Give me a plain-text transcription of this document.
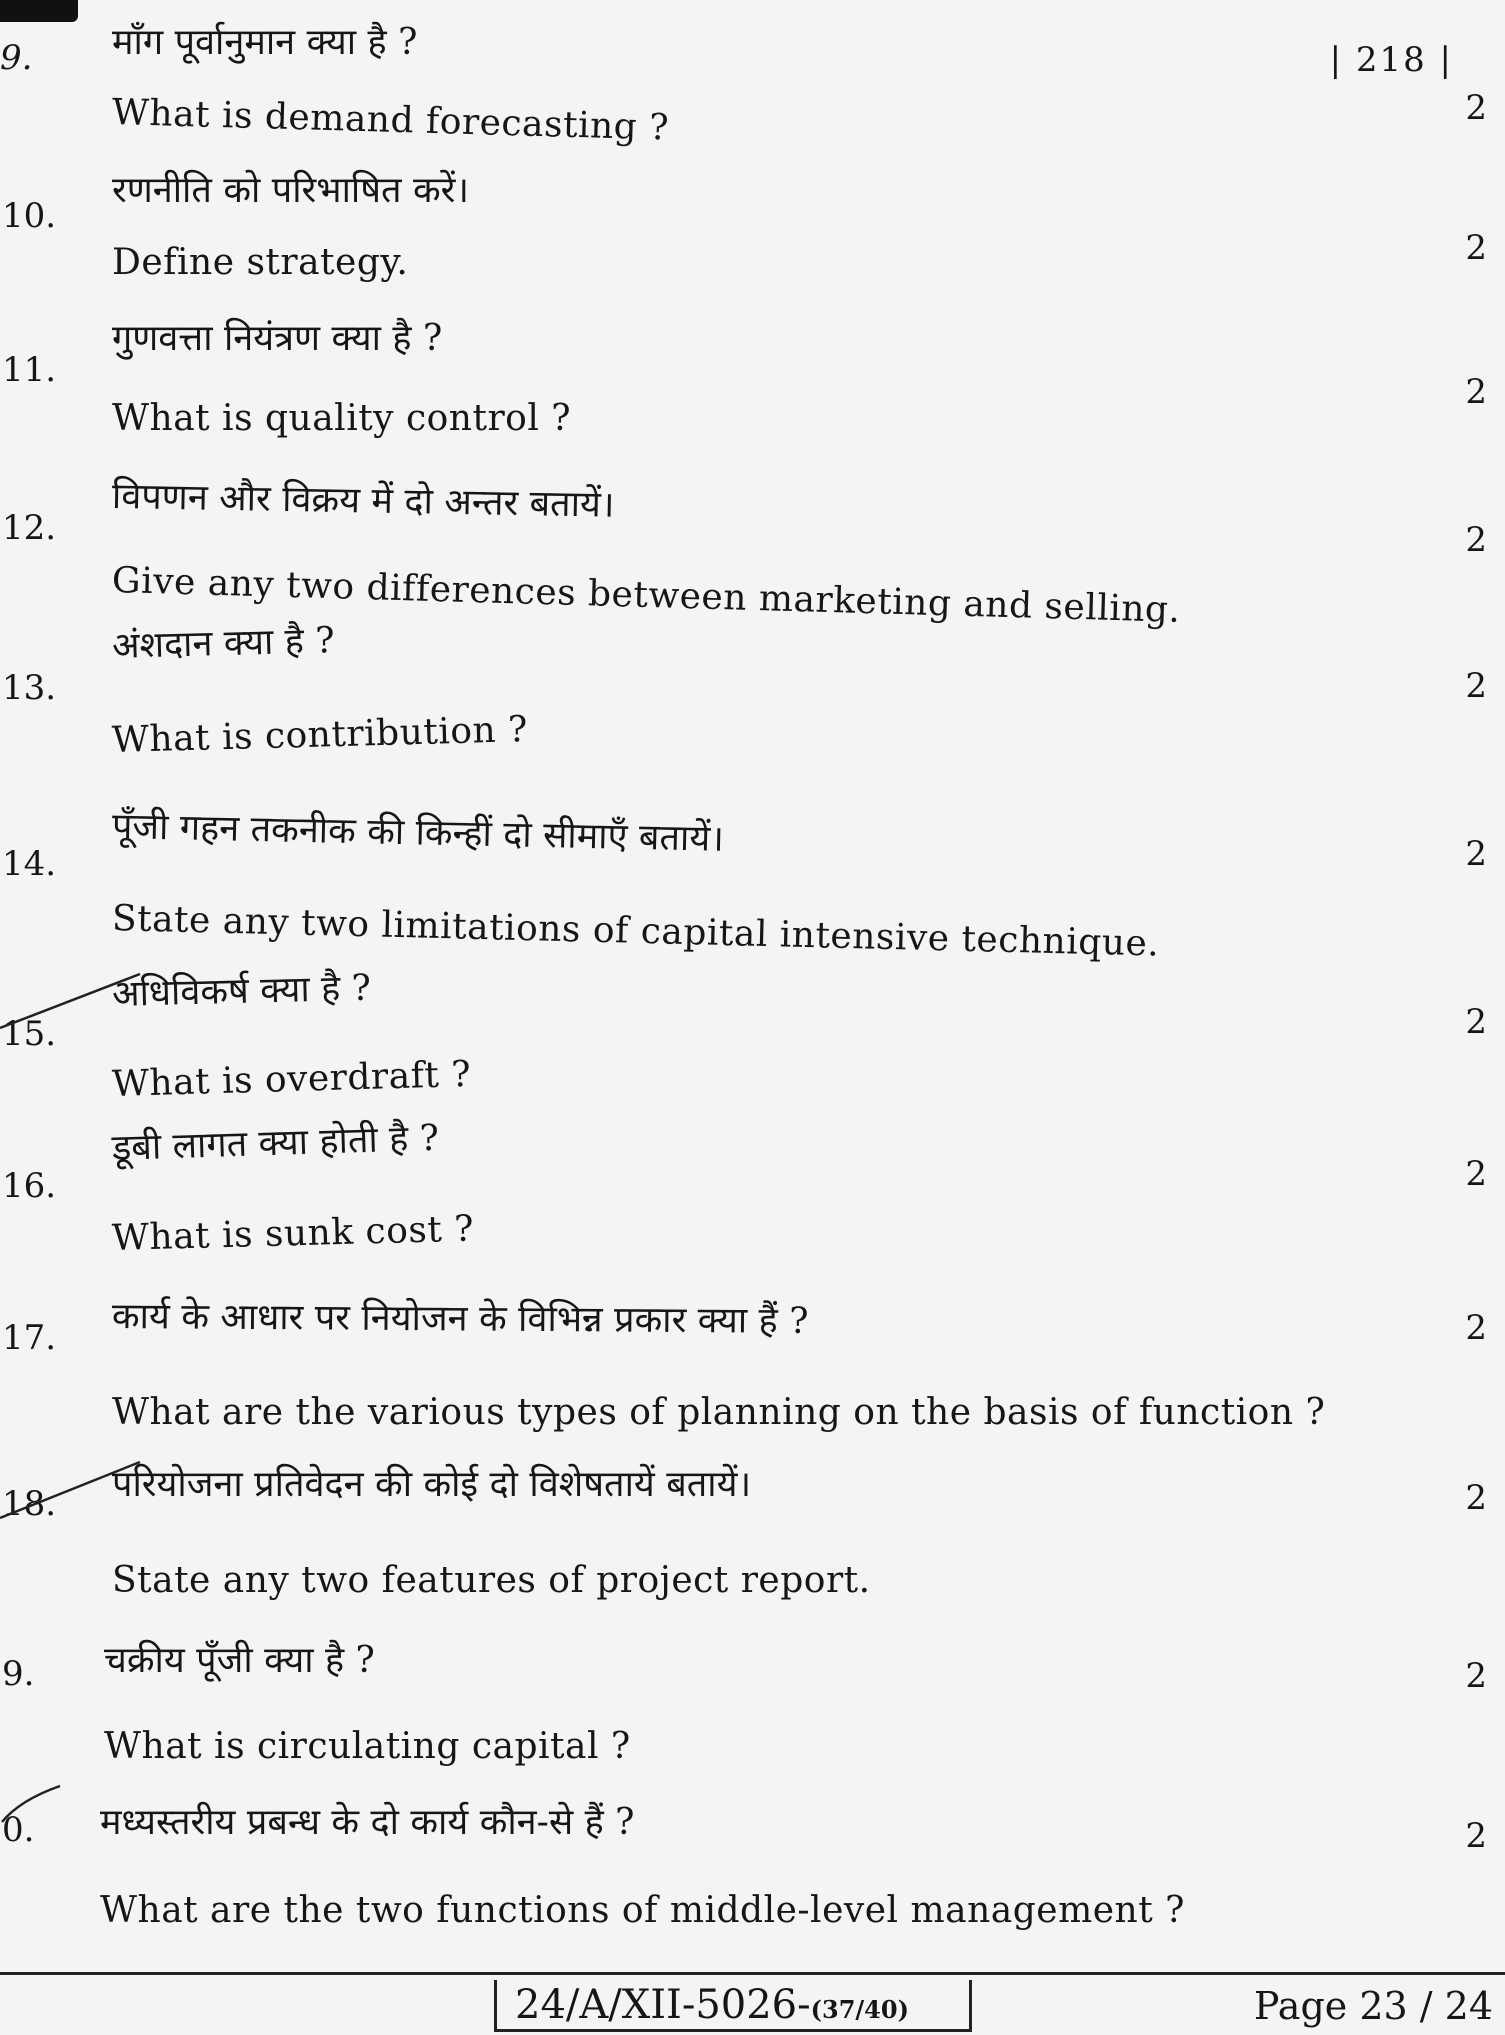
| 218 |
9. माँग पूर्वानुमान क्या है ?
What is demand forecasting ?	2
10.
रणनीति को परिभाषित करें।
Define strategy.	2
11.
गुणवत्ता नियंत्रण क्या है ?
What is quality control ?
2
12.
विपणन और विक्रय में दो अन्तर बतायें।
Give any two differences between marketing and selling.
2
13.
अंशदान क्या है ?
What is contribution ?
2
14.
पूँजी गहन तकनीक की किन्हीं दो सीमाएँ बतायें।
State any two limitations of capital intensive technique.
2
15.
अधिविकर्ष क्या है ?
What is overdraft ?
2
16.
डूबी लागत क्या होती है ?
What is sunk cost ?
2
17. कार्य के आधार पर नियोजन के विभिन्न प्रकार क्या हैं ?
What are the various types of planning on the basis of function ?
2
18. परियोजना प्रतिवेदन की कोई दो विशेषतायें बतायें।
State any two features of project report.
2
9. चक्रीय पूँजी क्या है ?
What is circulating capital ?
2
0. मध्यस्तरीय प्रबन्ध के दो कार्य कौन-से हैं ?
What are the two functions of middle-level management ?
2
24/A/XII-5026-(37/40)	Page 23 / 24
